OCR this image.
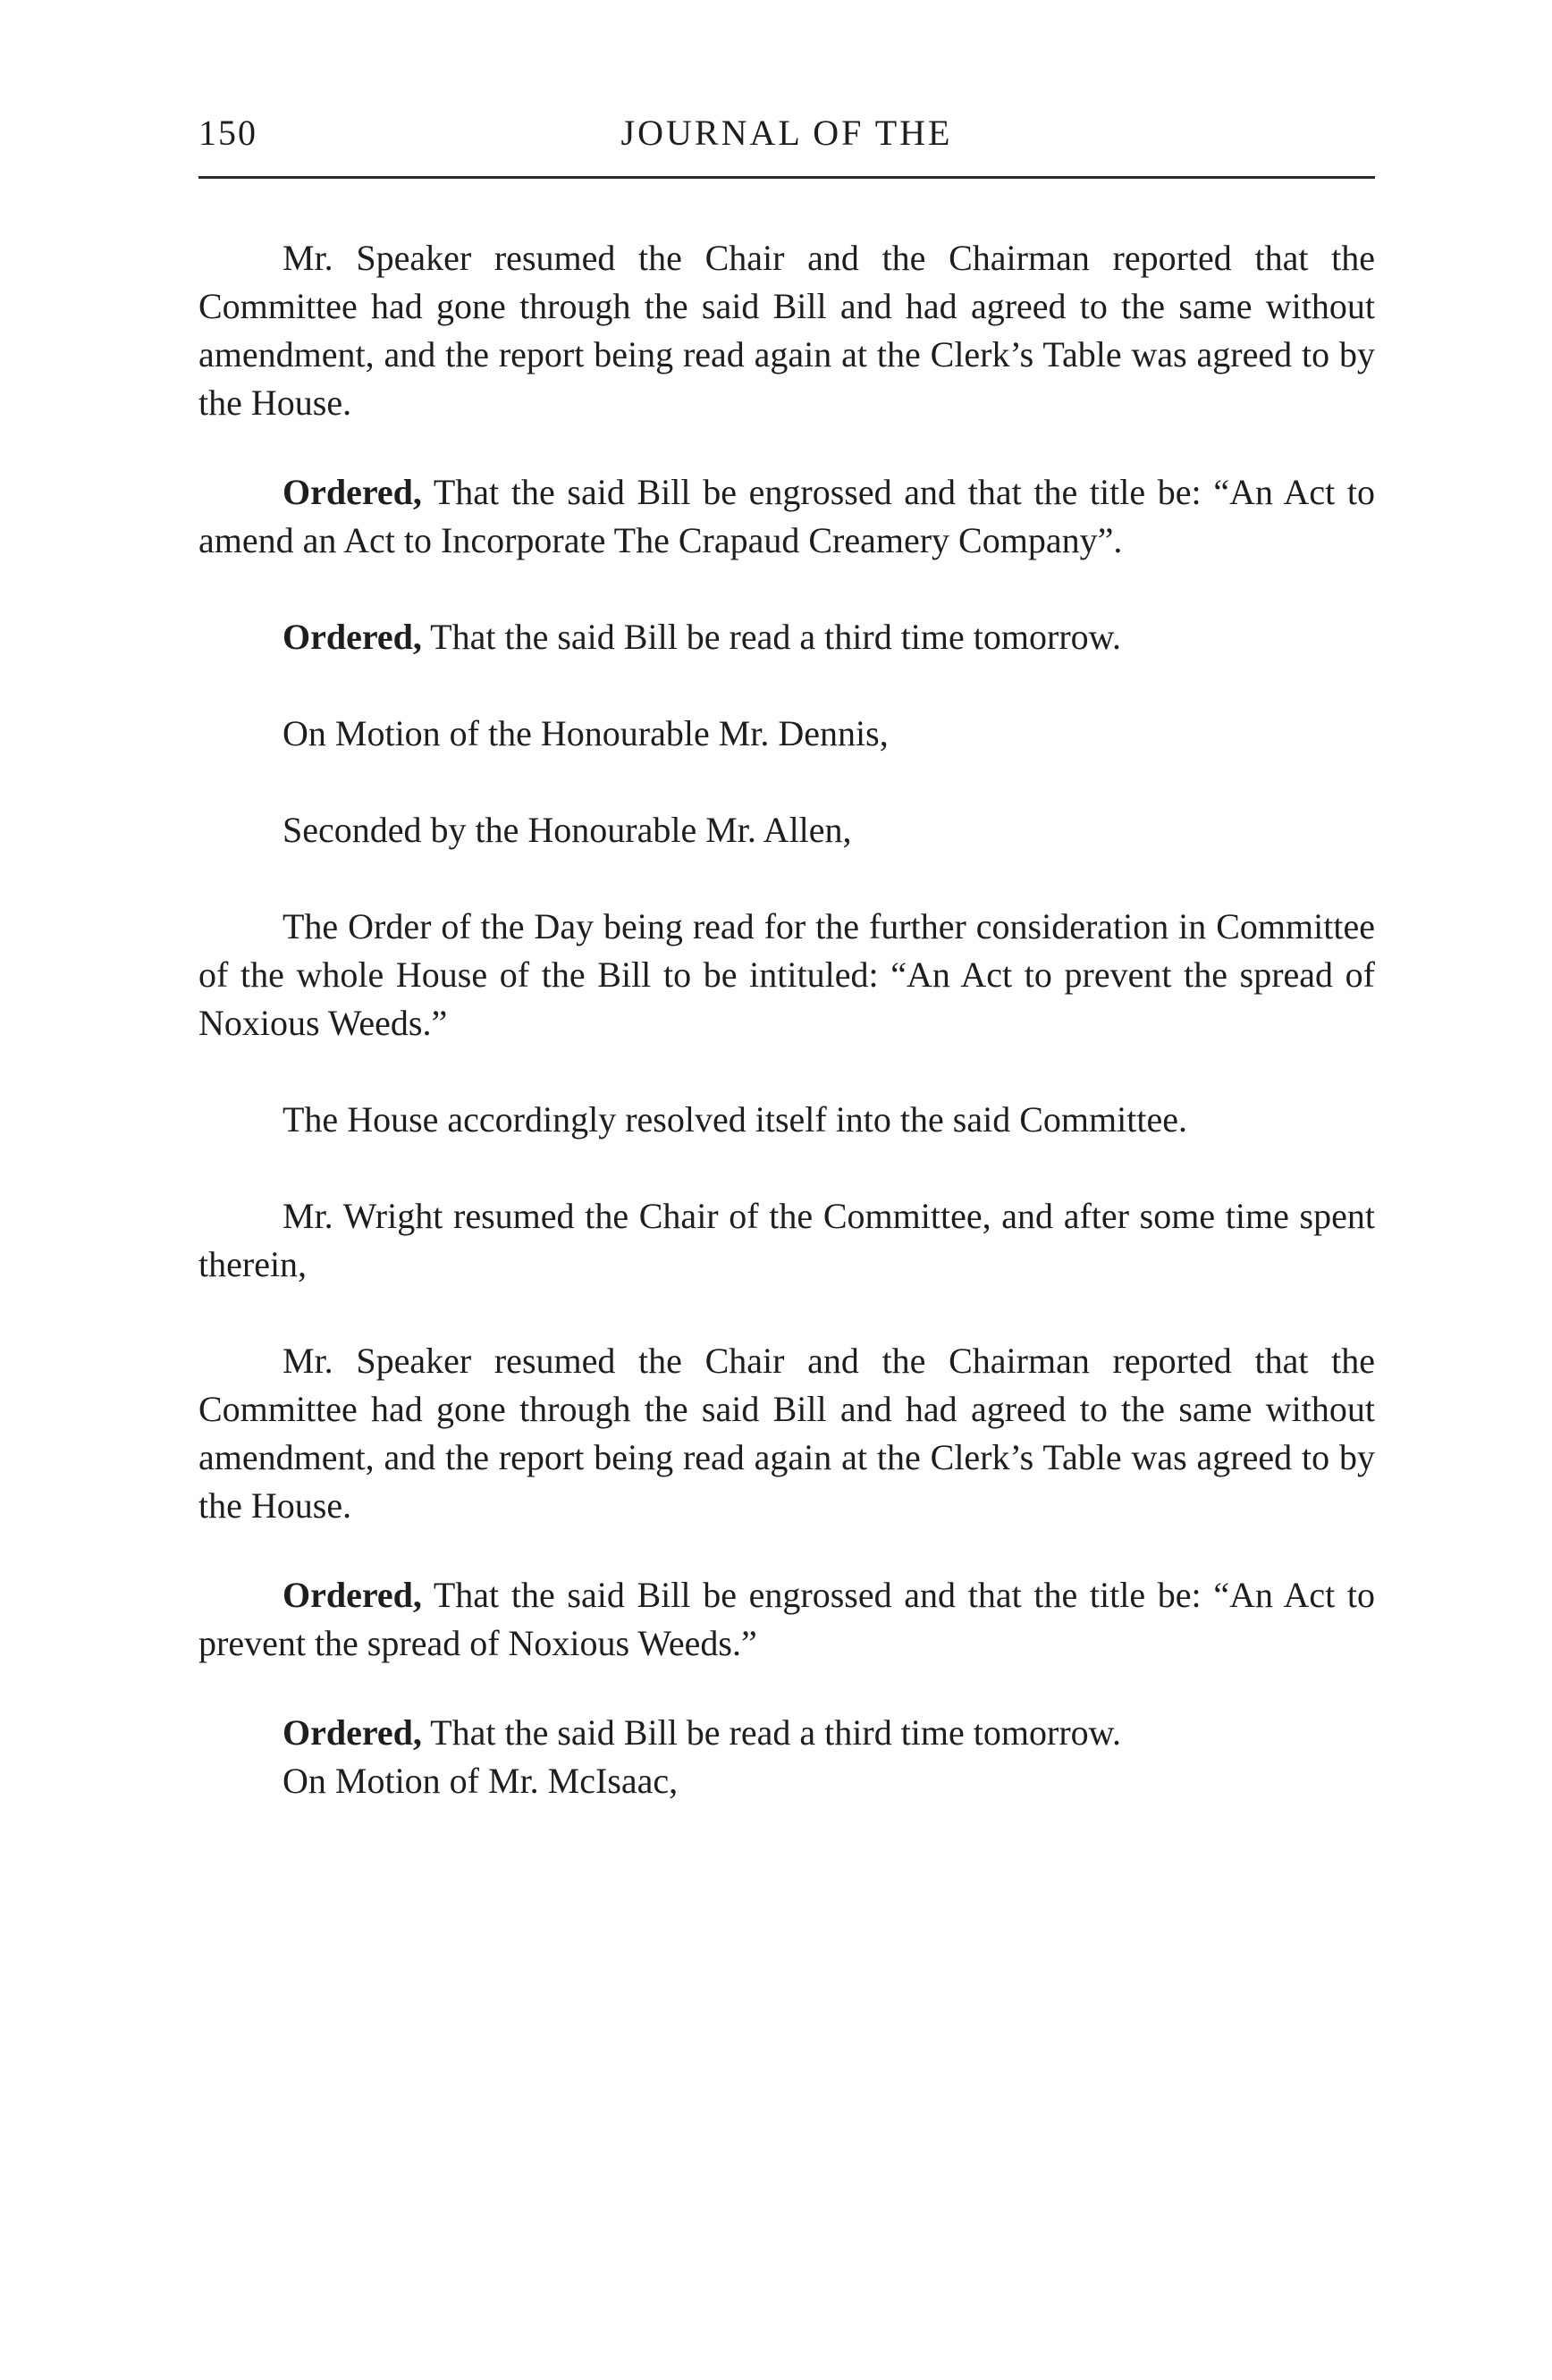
150	JOURNAL OF THE

Mr. Speaker resumed the Chair and the Chairman reported that the Committee had gone through the said Bill and had agreed to the same without amendment, and the report being read again at the Clerk’s Table was agreed to by the House.

Ordered, That the said Bill be engrossed and that the title be: “An Act to amend an Act to Incorporate The Crapaud Creamery Company”.

Ordered, That the said Bill be read a third time tomorrow.

On Motion of the Honourable Mr. Dennis,

Seconded by the Honourable Mr. Allen,

The Order of the Day being read for the further consideration in Committee of the whole House of the Bill to be intituled: “An Act to prevent the spread of Noxious Weeds.”

The House accordingly resolved itself into the said Committee.

Mr. Wright resumed the Chair of the Committee, and after some time spent therein,

Mr. Speaker resumed the Chair and the Chairman reported that the Committee had gone through the said Bill and had agreed to the same without amendment, and the report being read again at the Clerk’s Table was agreed to by the House.

Ordered, That the said Bill be engrossed and that the title be: “An Act to prevent the spread of Noxious Weeds.”

Ordered, That the said Bill be read a third time tomorrow.

On Motion of Mr. McIsaac,
